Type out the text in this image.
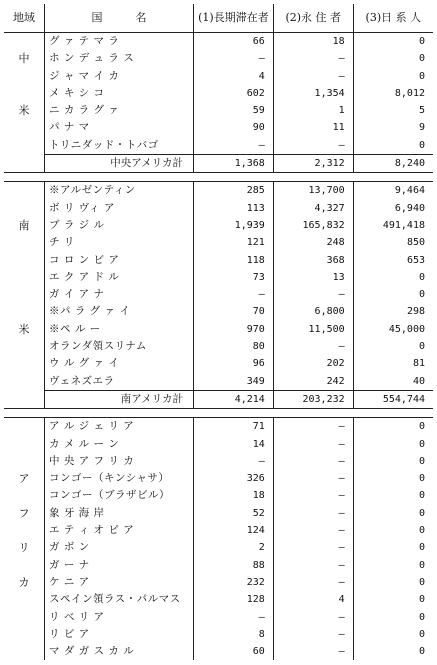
地域	国　　　名	(1)長期滞在者	(2)永 住 者	(3)日 系 人
	グ ァ テ マ ラ	66	18	0
中	ホ ン デ ュ ラ ス	—	—	0
	ジ ャ マ イ カ	4	—	0
	メ キ シ コ	602	1,354	8,012
米	ニ カ ラ グ ァ	59	1	5
	パ ナ マ	90	11	9
	トリニダッド・トバゴ	—	—	0
	中央アメリカ計	1,368	2,312	8,240

	※アルゼンティン	285	13,700	9,464
	ボ リ ヴィ ア	113	4,327	6,940
南	ブ ラ ジ ル	1,939	165,832	491,418
	チ リ	121	248	850
	コ ロ ン ビ ア	118	368	653
	エ ク ア ド ル	73	13	0
	ガ イ ア ナ	—	—	0
	※パ ラ グ ァ イ	70	6,800	298
米	※ペ ル ー	970	11,500	45,000
	オランダ領スリナム	80	—	0
	ウ ル グ ァ イ	96	202	81
	ヴェネズエラ	349	242	40
	南アメリカ計	4,214	203,232	554,744

	ア ル ジ ェ リ ア	71	—	0
	カ メ ル ー ン	14	—	0
	中 央 ア フ リ カ	—	—	0
ア	コンゴー（キンシャサ）	326	—	0
	コンゴー（ブラザビル）	18	—	0
フ	象 牙 海 岸	52	—	0
	エ テ ィ オ ピ ア	124	—	0
リ	ガ ボ ン	2	—	0
	ガ ー ナ	88	—	0
カ	ケ ニ ア	232	—	0
	スペイン領ラス・パルマス	128	4	0
	リ ベ リ ア	—	—	0
	リ ビ ア	8	—	0
	マ ダ ガ ス カ ル	60	—	0
